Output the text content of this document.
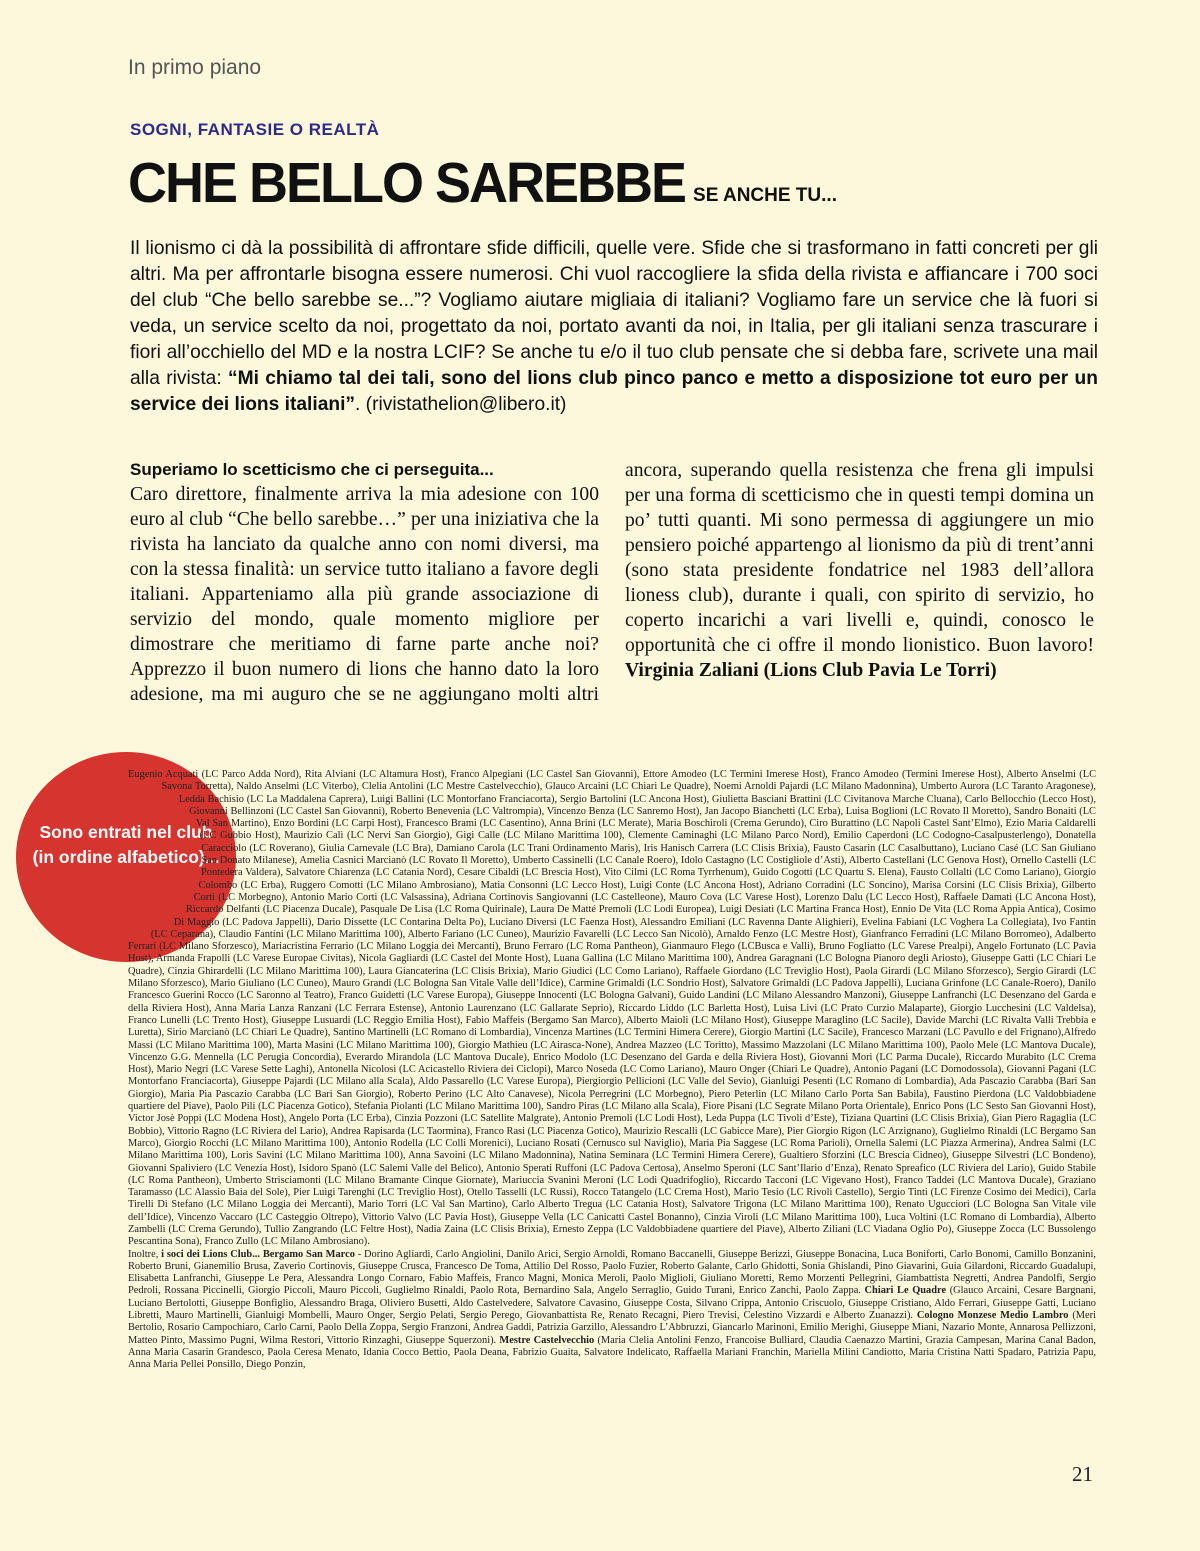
In primo piano
SOGNI, FANTASIE O REALTÀ
CHE BELLO SAREBBE SE ANCHE TU...
Il lionismo ci dà la possibilità di affrontare sfide difficili, quelle vere. Sfide che si trasformano in fatti concreti per gli altri. Ma per affrontarle bisogna essere numerosi. Chi vuol raccogliere la sfida della rivista e affiancare i 700 soci del club “Che bello sarebbe se...”? Vogliamo aiutare migliaia di italiani? Vogliamo fare un service che là fuori si veda, un service scelto da noi, progettato da noi, portato avanti da noi, in Italia, per gli italiani senza trascurare i fiori all’occhiello del MD e la nostra LCIF? Se anche tu e/o il tuo club pensate che si debba fare, scrivete una mail alla rivista: “Mi chiamo tal dei tali, sono del lions club pinco panco e metto a disposizione tot euro per un service dei lions italiani”. (rivistathelion@libero.it)
Superiamo lo scetticismo che ci perseguita...
Caro direttore, finalmente arriva la mia adesione con 100 euro al club “Che bello sarebbe…” per una iniziativa che la rivista ha lanciato da qualche anno con nomi diversi, ma con la stessa finalità: un service tutto italiano a favore degli italiani. Apparteniamo alla più grande associazione di servizio del mondo, quale momento migliore per dimostrare che meritiamo di farne parte anche noi? Apprezzo il buon numero di lions che hanno dato la loro adesione, ma mi auguro che se ne aggiungano molti altri ancora, superando quella resistenza che frena gli impulsi per una forma di scetticismo che in questi tempi domina un po’ tutti quanti. Mi sono permessa di aggiungere un mio pensiero poiché appartengo al lionismo da più di trent’anni (sono stata presidente fondatrice nel 1983 dell’allora lioness club), durante i quali, con spirito di servizio, ho coperto incarichi a vari livelli e, quindi, conosco le opportunità che ci offre il mondo lionistico. Buon lavoro! Virginia Zaliani (Lions Club Pavia Le Torri)
Sono entrati nel club
(in ordine alfabetico)...
Eugenio Acquati (LC Parco Adda Nord), Rita Alviani (LC Altamura Host), Franco Alpegiani (LC Castel San Giovanni), Ettore Amodeo (LC Termini Imerese Host), Franco Amodeo (Termini Imerese Host), Alberto Anselmi (LC Savona Torretta), Naldo Anselmi (LC Viterbo), Clelia Antolini (LC Mestre Castelvecchio), Glauco Arcaini (LC Chiari Le Quadre), Noemi Arnoldi Pajardi (LC Milano Madonnina), Umberto Aurora (LC Taranto Aragonese), Ledda Bachisio (LC La Maddalena Caprera), Luigi Ballini (LC Montorfano Franciacorta), Sergio Bartolini (LC Ancona Host), Giulietta Basciani Brattini (LC Civitanova Marche Cluana), Carlo Bellocchio (Lecco Host), Giovanni Bellinzoni (LC Castel San Giovanni), Roberto Benevenia (LC Valtrompia), Vincenzo Benza (LC Sanremo Host), Jan Jacopo Bianchetti (LC Erba), Luisa Boglioni (LC Rovato Il Moretto), Sandro Bonaiti (LC Val San Martino), Enzo Bordini (LC Carpi Host), Francesco Brami (LC Casentino), Anna Brini (LC Merate), Maria Boschiroli (Crema Gerundo), Ciro Burattino (LC Napoli Castel Sant’Elmo), Ezio Maria Caldarelli (LC Gubbio Host), Maurizio Calì (LC Nervi San Giorgio), Gigi Calle (LC Milano Marittima 100), Clemente Caminaghi (LC Milano Parco Nord), Emilio Caperdoni (LC Codogno-Casalpusterlengo), Donatella Caracciolo (LC Roverano), Giulia Carnevale (LC Bra), Damiano Carola (LC Trani Ordinamento Maris), Iris Hanisch Carrera (LC Clisis Brixia), Fausto Casarin (LC Casalbuttano), Luciano Casé (LC San Giuliano San Donato Milanese), Amelia Casnici Marcianò (LC Rovato Il Moretto), Umberto Cassinelli (LC Canale Roero), Idolo Castagno (LC Costigliole d’Asti), Alberto Castellani (LC Genova Host), Ornello Castelli (LC Pontedera Valdera), Salvatore Chiarenza (LC Catania Nord), Cesare Cibaldi (LC Brescia Host), Vito Cilmi (LC Roma Tyrrhenum), Guido Cogotti (LC Quartu S. Elena), Fausto Collalti (LC Como Lariano), Giorgio Colombo (LC Erba), Ruggero Comotti (LC Milano Ambrosiano), Matia Consonni (LC Lecco Host), Luigi Conte (LC Ancona Host), Adriano Corradini (LC Soncino), Marisa Corsini (LC Clisis Brixia), Gilberto Corti (LC Morbegno), Antonio Mario Corti (LC Valsassina), Adriana Cortinovis Sangiovanni (LC Castelleone), Mauro Cova (LC Varese Host), Lorenzo Dalu (LC Lecco Host), Raffaele Damati (LC Ancona Host), Riccardo Delfanti (LC Piacenza Ducale), Pasquale De Lisa (LC Roma Quirinale), Laura De Matté Premoli (LC Lodi Europea), Luigi Desiati (LC Martina Franca Host), Ennio De Vita (LC Roma Appia Antica), Cosimo Di Maggio (LC Padova Jappelli), Dario Dissette (LC Contarina Delta Po), Luciano Diversi (LC Faenza Host), Alessandro Emiliani (LC Ravenna Dante Alighieri), Evelina Fabiani (LC Voghera La Collegiata), Ivo Fantin (LC Ceparana), Claudio Fantini (LC Milano Marittima 100), Alberto Fariano (LC Cuneo), Maurizio Favarelli (LC Lecco San Nicolò), Arnaldo Fenzo (LC Mestre Host), Gianfranco Ferradini (LC Milano Borromeo), Adalberto Ferrari (LC Milano Sforzesco), Mariacristina Ferrario (LC Milano Loggia dei Mercanti), Bruno Ferraro (LC Roma Pantheon), Gianmauro Flego (LCBusca e Valli), Bruno Fogliatto (LC Varese Prealpi), Angelo Fortunato (LC Pavia Host), Armanda Frapolli (LC Varese Europae Civitas), Nicola Gagliardi (LC Castel del Monte Host), Luana Gallina (LC Milano Marittima 100), Andrea Garagnani (LC Bologna Pianoro degli Ariosto), Giuseppe Gatti (LC Chiari Le Quadre), Cinzia Ghirardelli (LC Milano Marittima 100), Laura Giancaterina (LC Clisis Brixia), Mario Giudici (LC Como Lariano), Raffaele Giordano (LC Treviglio Host), Paola Girardi (LC Milano Sforzesco), Sergio Girardi (LC Milano Sforzesco), Mario Giuliano (LC Cuneo), Mauro Grandi (LC Bologna San Vitale Valle dell’Idice), Carmine Grimaldi (LC Sondrio Host), Salvatore Grimaldi (LC Padova Jappelli), Luciana Grinfone (LC Canale-Roero), Danilo Francesco Guerini Rocco (LC Saronno al Teatro), Franco Guidetti (LC Varese Europa), Giuseppe Innocenti (LC Bologna Galvani), Guido Landini (LC Milano Alessandro Manzoni), Giuseppe Lanfranchi (LC Desenzano del Garda e della Riviera Host), Anna Maria Lanza Ranzani (LC Ferrara Estense), Antonio Laurenzano (LC Gallarate Seprio), Riccardo Liddo (LC Barletta Host), Luisa Livi (LC Prato Curzio Malaparte), Giorgio Lucchesini (LC Valdelsa), Franco Lunelli (LC Trento Host), Giuseppe Lusuardi (LC Reggio Emilia Host), Fabio Maffeis (Bergamo San Marco), Alberto Maioli (LC Milano Host), Giuseppe Maraglino (LC Sacile), Davide Marchi (LC Rivalta Valli Trebbia e Luretta), Sirio Marcianò (LC Chiari Le Quadre), Santino Martinelli (LC Romano di Lombardia), Vincenza Martines (LC Termini Himera Cerere), Giorgio Martini (LC Sacile), Francesco Marzani (LC Pavullo e del Frignano),Alfredo Massi (LC Milano Marittima 100), Marta Masini (LC Milano Marittima 100), Giorgio Mathieu (LC Airasca-None), Andrea Mazzeo (LC Toritto), Massimo Mazzolani (LC Milano Marittima 100), Paolo Mele (LC Mantova Ducale), Vincenzo G.G. Mennella (LC Perugia Concordia), Everardo Mirandola (LC Mantova Ducale), Enrico Modolo (LC Desenzano del Garda e della Riviera Host), Giovanni Mori (LC Parma Ducale), Riccardo Murabito (LC Crema Host), Mario Negri (LC Varese Sette Laghi), Antonella Nicolosi (LC Acicastello Riviera dei Ciclopi), Marco Noseda (LC Como Lariano), Mauro Onger (Chiari Le Quadre), Antonio Pagani (LC Domodossola), Giovanni Pagani (LC Montorfano Franciacorta), Giuseppe Pajardi (LC Milano alla Scala), Aldo Passarello (LC Varese Europa), Piergiorgio Pellicioni (LC Valle del Sevio), Gianluigi Pesenti (LC Romano di Lombardia), Ada Pascazio Carabba (Bari San Giorgio), Maria Pia Pascazio Carabba (LC Bari San Giorgio), Roberto Perino (LC Alto Canavese), Nicola Perregrini (LC Morbegno), Piero Peterlin (LC Milano Carlo Porta San Babila), Faustino Pierdona (LC Valdobbiadene quartiere del Piave), Paolo Pili (LC Piacenza Gotico), Stefania Piolanti (LC Milano Marittima 100), Sandro Piras (LC Milano alla Scala), Fiore Pisani (LC Segrate Milano Porta Orientale), Enrico Pons (LC Sesto San Giovanni Host), Victor Josè Poppi (LC Modena Host), Angelo Porta (LC Erba), Cinzia Pozzoni (LC Satellite Malgrate), Antonio Premoli (LC Lodi Host), Leda Puppa (LC Tivoli d’Este), Tiziana Quartini (LC Clisis Brixia), Gian Piero Ragaglia (LC Bobbio), Vittorio Ragno (LC Riviera del Lario), Andrea Rapisarda (LC Taormina), Franco Rasi (LC Piacenza Gotico), Maurizio Rescalli (LC Gabicce Mare), Pier Giorgio Rigon (LC Arzignano), Guglielmo Rinaldi (LC Bergamo San Marco), Giorgio Rocchi (LC Milano Marittima 100), Antonio Rodella (LC Colli Morenici), Luciano Rosati (Cernusco sul Naviglio), Maria Pia Saggese (LC Roma Parioli), Ornella Salemi (LC Piazza Armerina), Andrea Salmi (LC Milano Marittima 100), Loris Savini (LC Milano Marittima 100), Anna Savoini (LC Milano Madonnina), Natina Seminara (LC Termini Himera Cerere), Gualtiero Sforzini (LC Brescia Cidneo), Giuseppe Silvestri (LC Bondeno), Giovanni Spaliviero (LC Venezia Host), Isidoro Spanò (LC Salemi Valle del Belìco), Antonio Sperati Ruffoni (LC Padova Certosa), Anselmo Speroni (LC Sant’Ilario d’Enza), Renato Spreafico (LC Riviera del Lario), Guido Stabile (LC Roma Pantheon), Umberto Strisciamonti (LC Milano Bramante Cinque Giornate), Mariuccia Svanini Meroni (LC Lodi Quadrifoglio), Riccardo Tacconi (LC Vigevano Host), Franco Taddei (LC Mantova Ducale), Graziano Taramasso (LC Alassio Baia del Sole), Pier Luigi Tarenghi (LC Treviglio Host), Otello Tasselli (LC Russi), Rocco Tatangelo (LC Crema Host), Mario Tesio (LC Rivoli Castello), Sergio Tinti (LC Firenze Cosimo dei Medici), Carla Tirelli Di Stefano (LC Milano Loggia dei Mercanti), Mario Torri (LC Val San Martino), Carlo Alberto Tregua (LC Catania Host), Salvatore Trigona (LC Milano Marittima 100), Renato Ugucciori (LC Bologna San Vitale vile dell’Idice), Vincenzo Vaccaro (LC Casteggio Oltrepo), Vittorio Valvo (LC Pavia Host), Giuseppe Vella (LC Canicattì Castel Bonanno), Cinzia Viroli (LC Milano Marittima 100), Luca Voltini (LC Romano di Lombardia), Alberto Zambelli (LC Crema Gerundo), Tullio Zangrando (LC Feltre Host), Nadia Zaina (LC Clisis Brixia), Ernesto Zeppa (LC Valdobbiadene quartiere del Piave), Alberto Ziliani (LC Viadana Oglio Po), Giuseppe Zocca (LC Bussolengo Pescantina Sona), Franco Zullo (LC Milano Ambrosiano).
Inoltre, i soci dei Lions Club... Bergamo San Marco - Dorino Agliardi, Carlo Angiolini, Danilo Arici, Sergio Arnoldi, Romano Baccanelli, Giuseppe Berizzi, Giuseppe Bonacina, Luca Boniforti, Carlo Bonomi, Camillo Bonzanini, Roberto Bruni, Gianemilio Brusa, Zaverio Cortinovis, Giuseppe Crusca, Francesco De Toma, Attilio Del Rosso, Paolo Fuzier, Roberto Galante, Carlo Ghidotti, Sonia Ghislandi, Pino Giavarini, Guia Gilardoni, Riccardo Guadalupi, Elisabetta Lanfranchi, Giuseppe Le Pera, Alessandra Longo Cornaro, Fabio Maffeis, Franco Magni, Monica Meroli, Paolo Miglioli, Giuliano Moretti, Remo Morzenti Pellegrini, Giambattista Negretti, Andrea Pandolfi, Sergio Pedroli, Rossana Piccinelli, Giorgio Piccoli, Mauro Piccoli, Guglielmo Rinaldi, Paolo Rota, Bernardino Sala, Angelo Serraglio, Guido Turani, Enrico Zanchi, Paolo Zappa. Chiari Le Quadre (Glauco Arcaini, Cesare Bargnani, Luciano Bertolotti, Giuseppe Bonfiglio, Alessandro Braga, Oliviero Busetti, Aldo Castelvedere, Salvatore Cavasino, Giuseppe Costa, Silvano Crippa, Antonio Criscuolo, Giuseppe Cristiano, Aldo Ferrari, Giuseppe Gatti, Luciano Libretti, Mauro Martinelli, Gianluigi Mombelli, Mauro Onger, Sergio Pelati, Sergio Perego, Giovanbattista Re, Renato Recagni, Piero Trevisi, Celestino Vizzardi e Alberto Zuanazzi). Cologno Monzese Medio Lambro (Meri Bertolio, Rosario Campochiaro, Carlo Carni, Paolo Della Zoppa, Sergio Franzoni, Andrea Gaddi, Patrizia Garzillo, Alessandro L’Abbruzzi, Giancarlo Marinoni, Emilio Merighi, Giuseppe Miani, Nazario Monte, Annarosa Pellizzoni, Matteo Pinto, Massimo Pugni, Wilma Restori, Vittorio Rinzaghi, Giuseppe Squerzoni). Mestre Castelvecchio (Maria Clelia Antolini Fenzo, Francoise Bulliard, Claudia Caenazzo Martini, Grazia Campesan, Marina Canal Badon, Anna Maria Casarin Grandesco, Paola Ceresa Menato, Idania Cocco Bettio, Paola Deana, Fabrizio Guaita, Salvatore Indelicato, Raffaella Mariani Franchin, Mariella Milini Candiotto, Maria Cristina Natti Spadaro, Patrizia Papu, Anna Maria Pellei Ponsillo, Diego Ponzin,
21
